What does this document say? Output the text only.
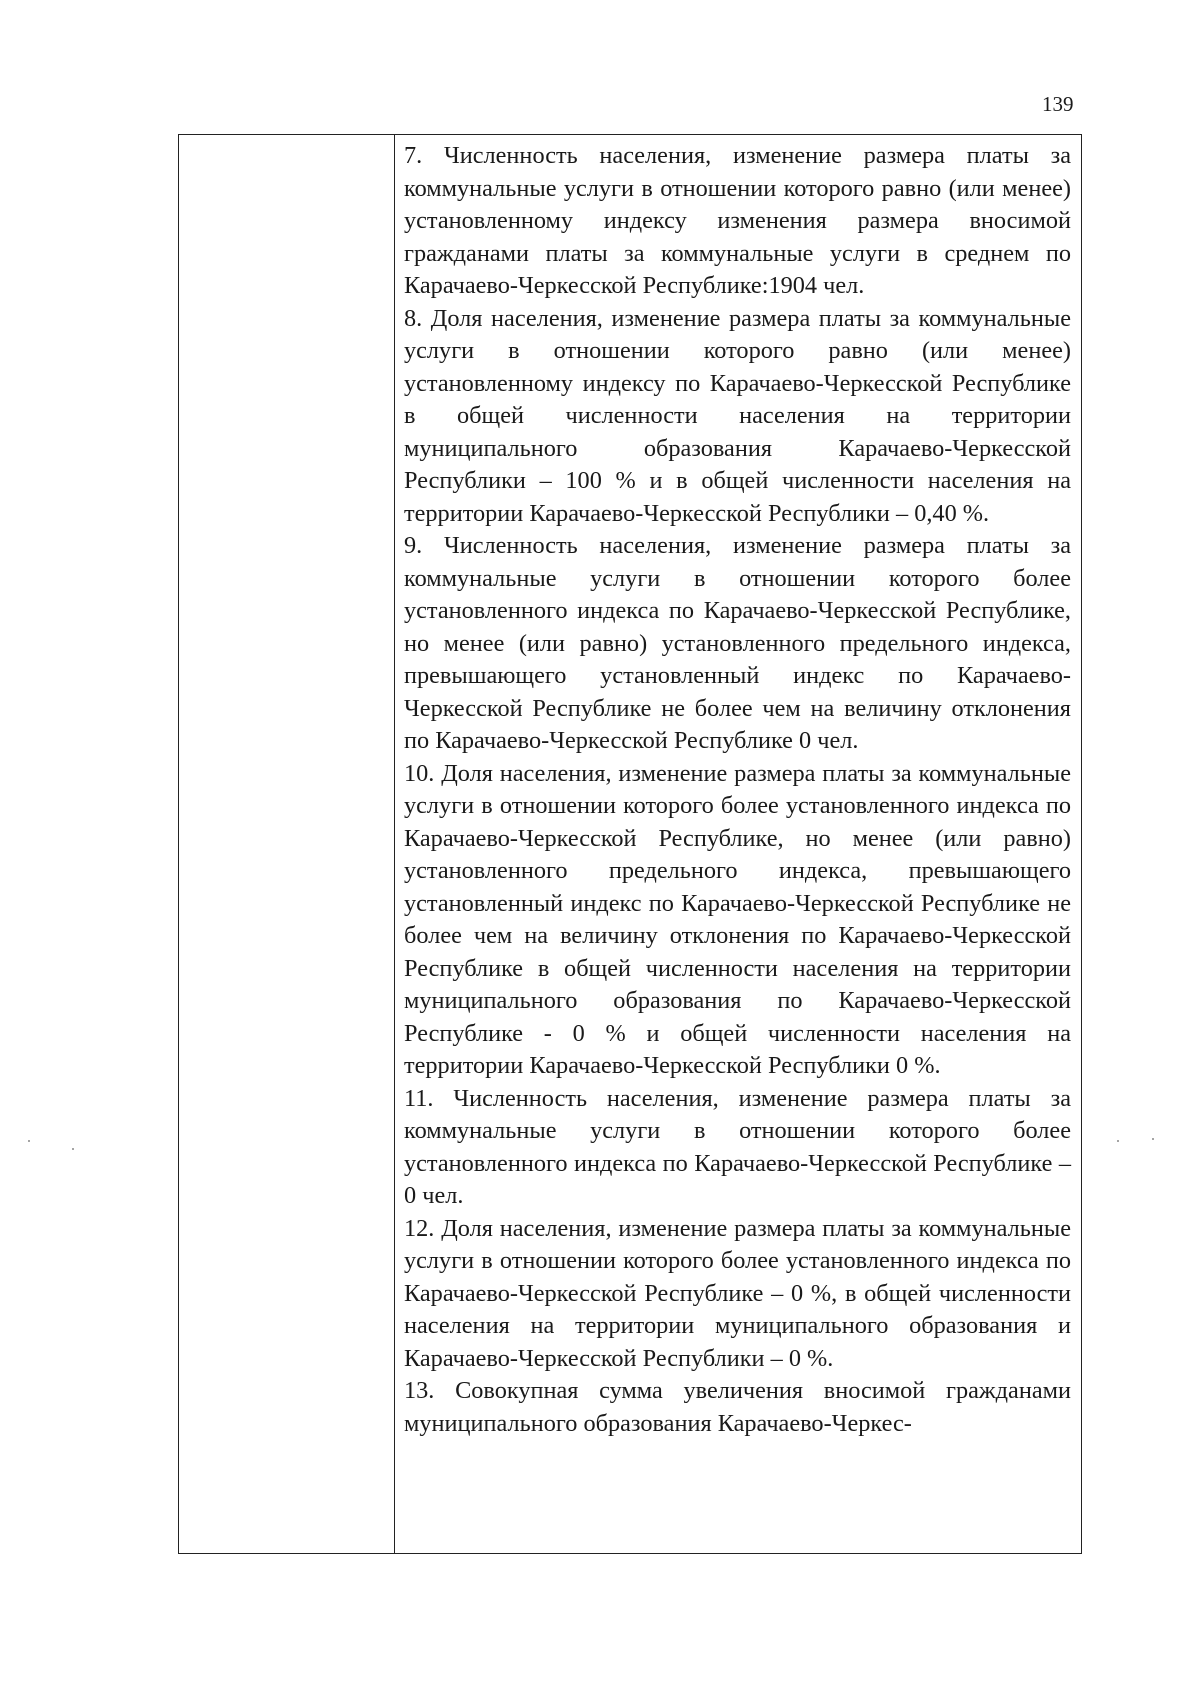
139

7. Численность населения, изменение размера платы за коммунальные услуги в отношении которого равно (или менее) установленному индексу изменения размера вносимой гражданами платы за коммунальные услуги в среднем по Карачаево-Черкесской Республике:1904 чел.

8. Доля населения, изменение размера платы за коммунальные услуги в отношении которого равно (или менее) установленному индексу по Карачаево-Черкесской Республике в общей численности населения на территории муниципального образования Карачаево-Черкесской Республики – 100 % и в общей численности населения на территории Карачаево-Черкесской Республики – 0,40 %.

9. Численность населения, изменение размера платы за коммунальные услуги в отношении которого более установленного индекса по Карачаево-Черкесской Республике, но менее (или равно) установленного предельного индекса, превышающего установленный индекс по Карачаево-Черкесской Республике не более чем на величину отклонения по Карачаево-Черкесской Республике 0 чел.

10. Доля населения, изменение размера платы за коммунальные услуги в отношении которого более установленного индекса по Карачаево-Черкесской Республике, но менее (или равно) установленного предельного индекса, превышающего установленный индекс по Карачаево-Черкесской Республике не более чем на величину отклонения по Карачаево-Черкесской Республике в общей численности населения на территории муниципального образования по Карачаево-Черкесской Республике - 0 % и общей численности населения на территории Карачаево-Черкесской Республики 0 %.

11. Численность населения, изменение размера платы за коммунальные услуги в отношении которого более установленного индекса по Карачаево-Черкесской Республике – 0 чел.

12. Доля населения, изменение размера платы за коммунальные услуги в отношении которого более установленного индекса по Карачаево-Черкесской Республике – 0 %, в общей численности населения на территории муниципального образования и Карачаево-Черкесской Республики – 0 %.

13. Совокупная сумма увеличения вносимой гражданами муниципального образования Карачаево-Черкес-
